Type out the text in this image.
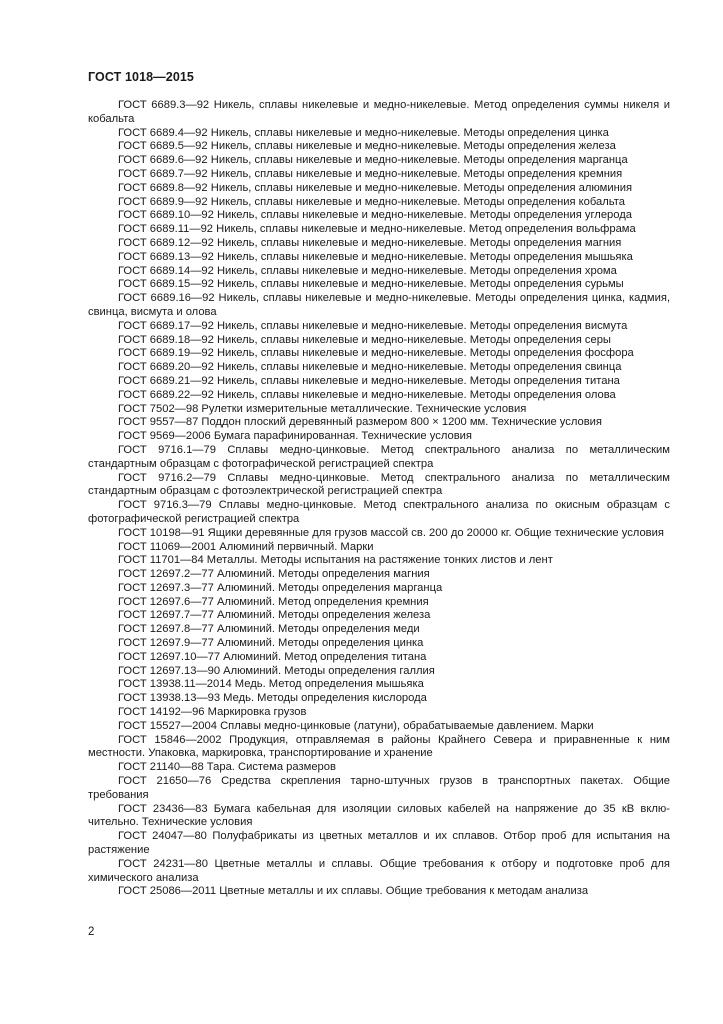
ГОСТ 1018—2015

ГОСТ 6689.3—92 Никель, сплавы никелевые и медно-никелевые. Метод определения суммы никеля и кобальта

ГОСТ 6689.4—92 Никель, сплавы никелевые и медно-никелевые. Методы определения цинка

ГОСТ 6689.5—92 Никель, сплавы никелевые и медно-никелевые. Методы определения железа

ГОСТ 6689.6—92 Никель, сплавы никелевые и медно-никелевые. Методы определения марганца

ГОСТ 6689.7—92 Никель, сплавы никелевые и медно-никелевые. Методы определения кремния

ГОСТ 6689.8—92 Никель, сплавы никелевые и медно-никелевые. Методы определения алюминия

ГОСТ 6689.9—92 Никель, сплавы никелевые и медно-никелевые. Методы определения кобальта

ГОСТ 6689.10—92 Никель, сплавы никелевые и медно-никелевые. Методы определения углерода

ГОСТ 6689.11—92 Никель, сплавы никелевые и медно-никелевые. Метод определения вольфрама

ГОСТ 6689.12—92 Никель, сплавы никелевые и медно-никелевые. Методы определения магния

ГОСТ 6689.13—92 Никель, сплавы никелевые и медно-никелевые. Методы определения мышьяка

ГОСТ 6689.14—92 Никель, сплавы никелевые и медно-никелевые. Методы определения хрома

ГОСТ 6689.15—92 Никель, сплавы никелевые и медно-никелевые. Методы определения сурьмы

ГОСТ 6689.16—92 Никель, сплавы никелевые и медно-никелевые. Методы определения цинка, кадмия, свинца, висмута и олова

ГОСТ 6689.17—92 Никель, сплавы никелевые и медно-никелевые. Методы определения висмута

ГОСТ 6689.18—92 Никель, сплавы никелевые и медно-никелевые. Методы определения серы

ГОСТ 6689.19—92 Никель, сплавы никелевые и медно-никелевые. Методы определения фосфора

ГОСТ 6689.20—92 Никель, сплавы никелевые и медно-никелевые. Методы определения свинца

ГОСТ 6689.21—92 Никель, сплавы никелевые и медно-никелевые. Методы определения титана

ГОСТ 6689.22—92 Никель, сплавы никелевые и медно-никелевые. Методы определения олова

ГОСТ 7502—98 Рулетки измерительные металлические. Технические условия

ГОСТ 9557—87 Поддон плоский деревянный размером 800 × 1200 мм. Технические условия

ГОСТ 9569—2006 Бумага парафинированная. Технические условия

ГОСТ 9716.1—79 Сплавы медно-цинковые. Метод спектрального анализа по металлическим стандартным образцам с фотографической регистрацией спектра

ГОСТ 9716.2—79 Сплавы медно-цинковые. Метод спектрального анализа по металлическим стандартным образцам с фотоэлектрической регистрацией спектра

ГОСТ 9716.3—79 Сплавы медно-цинковые. Метод спектрального анализа по окисным образцам с фотографической регистрацией спектра

ГОСТ 10198—91 Ящики деревянные для грузов массой св. 200 до 20000 кг. Общие технические условия

ГОСТ 11069—2001 Алюминий первичный. Марки

ГОСТ 11701—84 Металлы. Методы испытания на растяжение тонких листов и лент

ГОСТ 12697.2—77 Алюминий. Методы определения магния

ГОСТ 12697.3—77 Алюминий. Методы определения марганца

ГОСТ 12697.6—77 Алюминий. Метод определения кремния

ГОСТ 12697.7—77 Алюминий. Методы определения железа

ГОСТ 12697.8—77 Алюминий. Методы определения меди

ГОСТ 12697.9—77 Алюминий. Методы определения цинка

ГОСТ 12697.10—77 Алюминий. Метод определения титана

ГОСТ 12697.13—90 Алюминий. Методы определения галлия

ГОСТ 13938.11—2014 Медь. Метод определения мышьяка

ГОСТ 13938.13—93 Медь. Методы определения кислорода

ГОСТ 14192—96 Маркировка грузов

ГОСТ 15527—2004 Сплавы медно-цинковые (латуни), обрабатываемые давлением. Марки

ГОСТ 15846—2002 Продукция, отправляемая в районы Крайнего Севера и приравненные к ним местности. Упаковка, маркировка, транспортирование и хранение

ГОСТ 21140—88 Тара. Система размеров

ГОСТ 21650—76 Средства скрепления тарно-штучных грузов в транспортных пакетах. Общие требования

ГОСТ 23436—83 Бумага кабельная для изоляции силовых кабелей на напряжение до 35 кВ вклю-чительно. Технические условия

ГОСТ 24047—80 Полуфабрикаты из цветных металлов и их сплавов. Отбор проб для испытания на растяжение

ГОСТ 24231—80 Цветные металлы и сплавы. Общие требования к отбору и подготовке проб для химического анализа

ГОСТ 25086—2011 Цветные металлы и их сплавы. Общие требования к методам анализа

2
